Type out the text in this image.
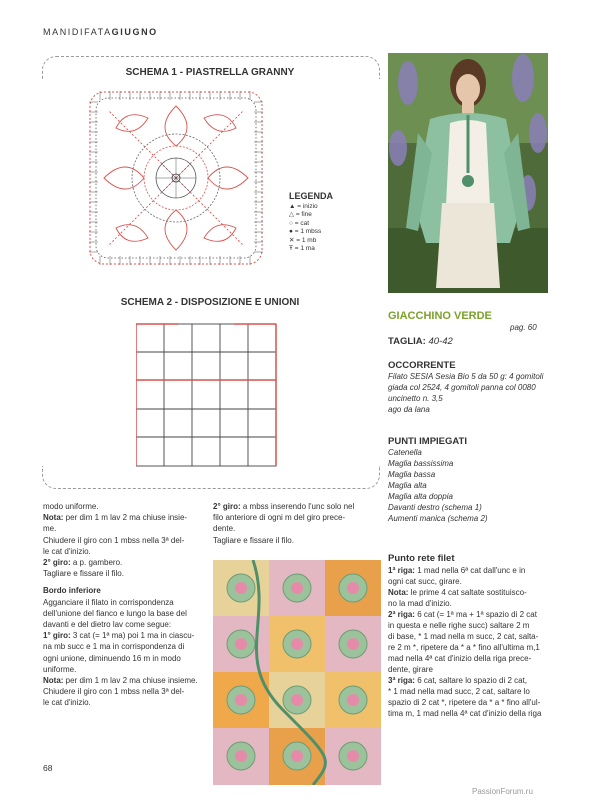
MANIDIFATAGIUGNO
SCHEMA 1 - PIASTRELLA GRANNY
LEGENDA
▲ = inizio
△ = fine
○ = cat
● = 1 mbss
✕ = 1 mb
Ŧ = 1 ma
SCHEMA 2 - DISPOSIZIONE E UNIONI
GIACCHINO VERDE
pag. 60
TAGLIA: 40-42
OCCORRENTE
Filato SESIA Sesia Bio 5 da 50 g: 4 gomitoli
giada col 2524, 4 gomitoli panna col 0080
uncinetto n. 3,5
ago da lana
PUNTI IMPIEGATI
Catenella
Maglia bassissima
Maglia bassa
Maglia alta
Maglia alta doppia
Davanti destro (schema 1)
Aumenti manica (schema 2)
Punto rete filet
1ª riga: 1 mad nella 6ª cat dall'unc e in
ogni cat succ, girare.
Nota: le prime 4 cat saltate sostituisco-
no la mad d'inizio.
2ª riga: 6 cat (= 1ª ma + 1ª spazio di 2 cat
in questa e nelle righe succ) saltare 2 m
di base, * 1 mad nella m succ, 2 cat, salta-
re 2 m *, ripetere da * a * fino all'ultima m,1
mad nella 4ª cat d'inizio della riga prece-
dente, girare
3ª riga: 6 cat, saltare lo spazio di 2 cat,
* 1 mad nella mad succ, 2 cat, saltare lo
spazio di 2 cat *, ripetere da * a * fino all'ul-
tima m, 1 mad nella 4ª cat d'inizio della riga
modo uniforme.
Nota: per dim 1 m lav 2 ma chiuse insie-
me.
Chiudere il giro con 1 mbss nella 3ª del-
le cat d'inizio.
2° giro: a p. gambero.
Tagliare e fissare il filo.
Bordo inferiore
Agganciare il filato in corrispondenza
dell'unione del fianco e lungo la base del
davanti e del dietro lav come segue:
1° giro: 3 cat (= 1ª ma) poi 1 ma in ciascu-
na mb succ e 1 ma in corrispondenza di
ogni unione, diminuendo 16 m in modo
uniforme.
Nota: per dim 1 m lav 2 ma chiuse insieme.
Chiudere il giro con 1 mbss nella 3ª del-
le cat d'inizio.
2° giro: a mbss inserendo l'unc solo nel
filo anteriore di ogni m del giro prece-
dente.
Tagliare e fissare il filo.
68
PassionForum.ru
